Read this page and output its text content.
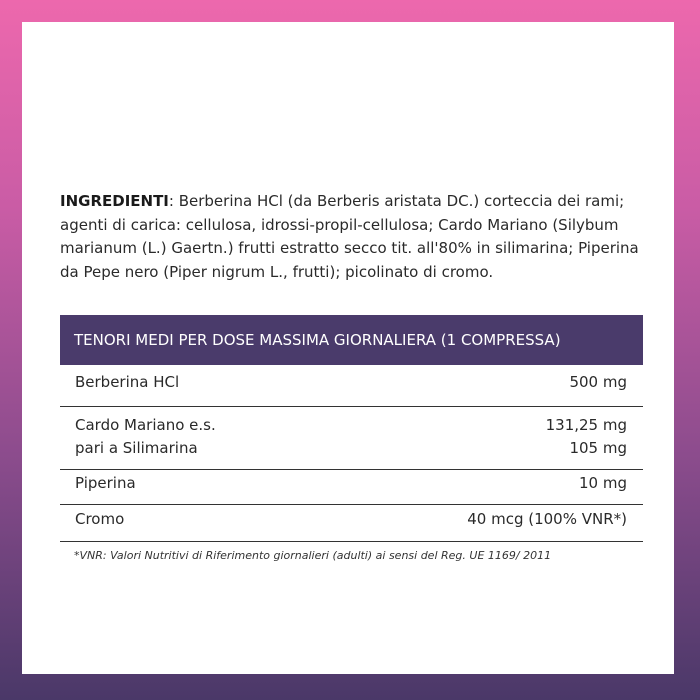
INGREDIENTI: Berberina HCl (da Berberis aristata DC.) corteccia dei rami; agenti di carica: cellulosa, idrossi-propil-cellulosa; Cardo Mariano (Silybum marianum (L.) Gaertn.) frutti estratto secco tit. all'80% in silimarina; Piperina da Pepe nero (Piper nigrum L., frutti); picolinato di cromo.

TENORI MEDI PER DOSE MASSIMA GIORNALIERA (1 COMPRESSA)
Berberina HCl	500 mg
Cardo Mariano e.s.	131,25 mg
pari a Silimarina	105 mg
Piperina	10 mg
Cromo	40 mcg (100% VNR*)

*VNR: Valori Nutritivi di Riferimento giornalieri (adulti) ai sensi del Reg. UE 1169/ 2011
